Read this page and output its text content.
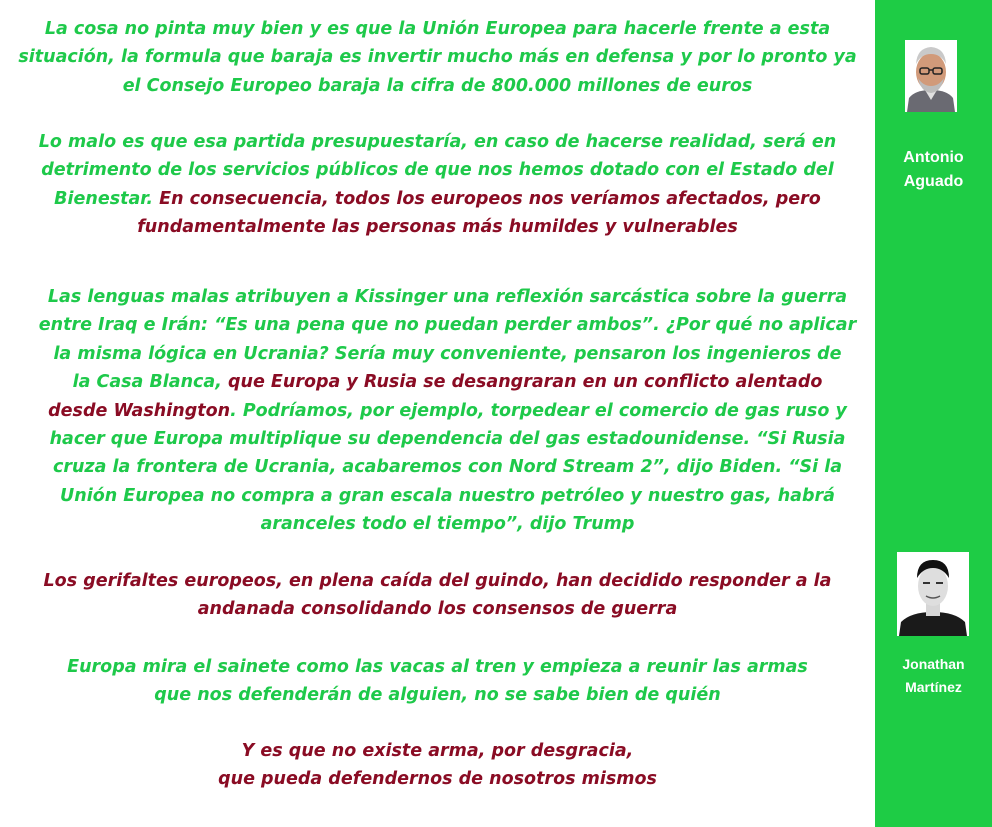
La cosa no pinta muy bien y es que la Unión Europea para hacerle frente a esta
situación, la formula que baraja es invertir mucho más en defensa y por lo pronto ya
el Consejo Europeo baraja la cifra de 800.000 millones de euros

Lo malo es que esa partida presupuestaría, en caso de hacerse realidad, será en
detrimento de los servicios públicos de que nos hemos dotado con el Estado del
Bienestar. En consecuencia, todos los europeos nos veríamos afectados, pero
fundamentalmente las personas más humildes y vulnerables

Las lenguas malas atribuyen a Kissinger una reflexión sarcástica sobre la guerra
entre Iraq e Irán: “Es una pena que no puedan perder ambos”. ¿Por qué no aplicar
la misma lógica en Ucrania? Sería muy conveniente, pensaron los ingenieros de
la Casa Blanca, que Europa y Rusia se desangraran en un conflicto alentado
desde Washington. Podríamos, por ejemplo, torpedear el comercio de gas ruso y
hacer que Europa multiplique su dependencia del gas estadounidense. “Si Rusia
cruza la frontera de Ucrania, acabaremos con Nord Stream 2”, dijo Biden. “Si la
Unión Europea no compra a gran escala nuestro petróleo y nuestro gas, habrá
aranceles todo el tiempo”, dijo Trump

Los gerifaltes europeos, en plena caída del guindo, han decidido responder a la
andanada consolidando los consensos de guerra

Europa mira el sainete como las vacas al tren y empieza a reunir las armas
que nos defenderán de alguien, no se sabe bien de quién

Y es que no existe arma, por desgracia,
que pueda defendernos de nosotros mismos

Antonio
Aguado
Jonathan
Martínez
